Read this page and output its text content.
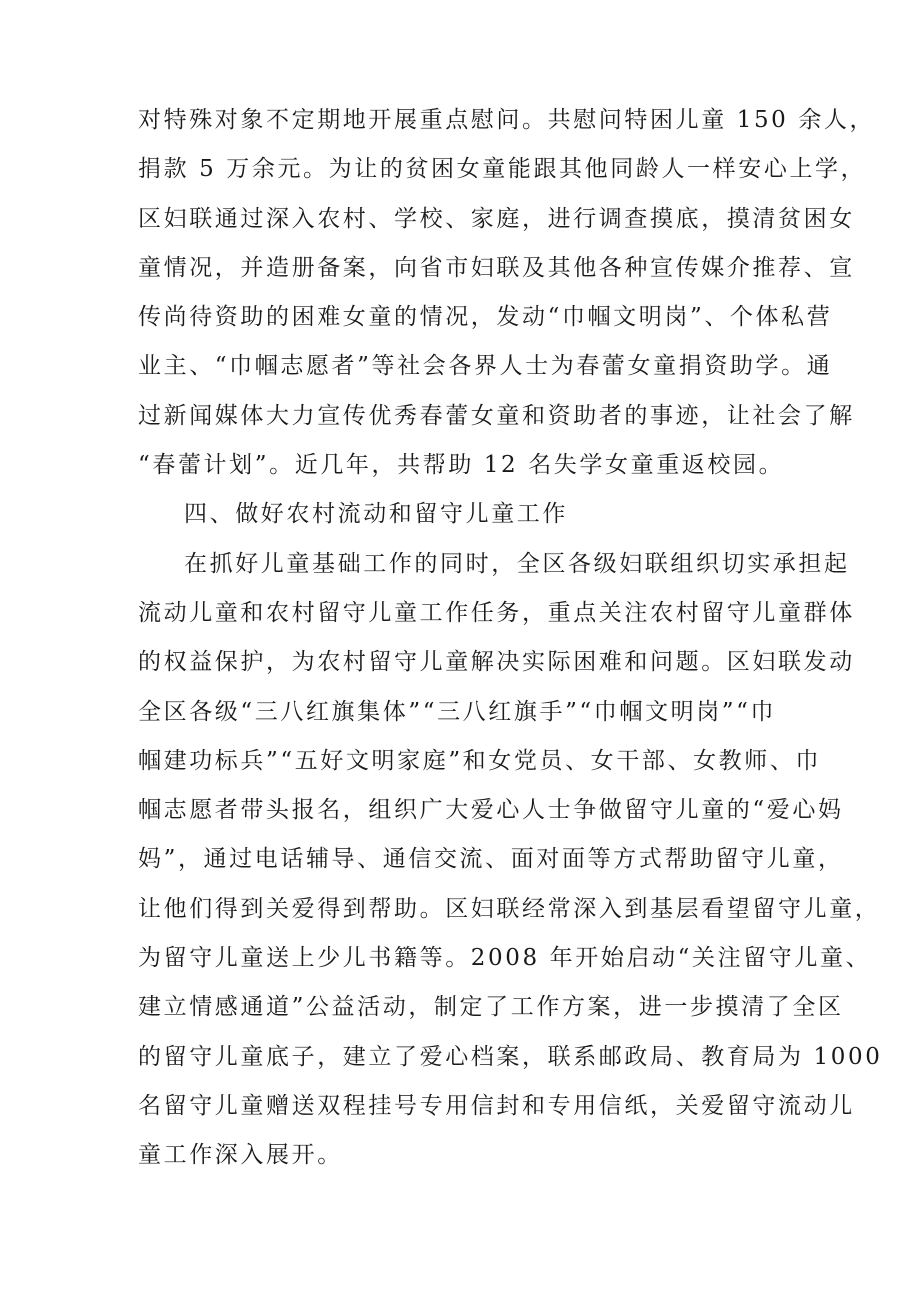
对特殊对象不定期地开展重点慰问。共慰问特困儿童 150 余人，
捐款 5 万余元。为让的贫困女童能跟其他同龄人一样安心上学，
区妇联通过深入农村、学校、家庭，进行调查摸底，摸清贫困女
童情况，并造册备案，向省市妇联及其他各种宣传媒介推荐、宣
传尚待资助的困难女童的情况，发动“巾帼文明岗”、个体私营
业主、“巾帼志愿者”等社会各界人士为春蕾女童捐资助学。通
过新闻媒体大力宣传优秀春蕾女童和资助者的事迹，让社会了解
“春蕾计划”。近几年，共帮助 12 名失学女童重返校园。
四、做好农村流动和留守儿童工作
在抓好儿童基础工作的同时，全区各级妇联组织切实承担起
流动儿童和农村留守儿童工作任务，重点关注农村留守儿童群体
的权益保护，为农村留守儿童解决实际困难和问题。区妇联发动
全区各级“三八红旗集体”“三八红旗手”“巾帼文明岗”“巾
帼建功标兵”“五好文明家庭”和女党员、女干部、女教师、巾
帼志愿者带头报名，组织广大爱心人士争做留守儿童的“爱心妈
妈”，通过电话辅导、通信交流、面对面等方式帮助留守儿童，
让他们得到关爱得到帮助。区妇联经常深入到基层看望留守儿童，
为留守儿童送上少儿书籍等。2008 年开始启动“关注留守儿童、
建立情感通道”公益活动，制定了工作方案，进一步摸清了全区
的留守儿童底子，建立了爱心档案，联系邮政局、教育局为 1000
名留守儿童赠送双程挂号专用信封和专用信纸，关爱留守流动儿
童工作深入展开。
